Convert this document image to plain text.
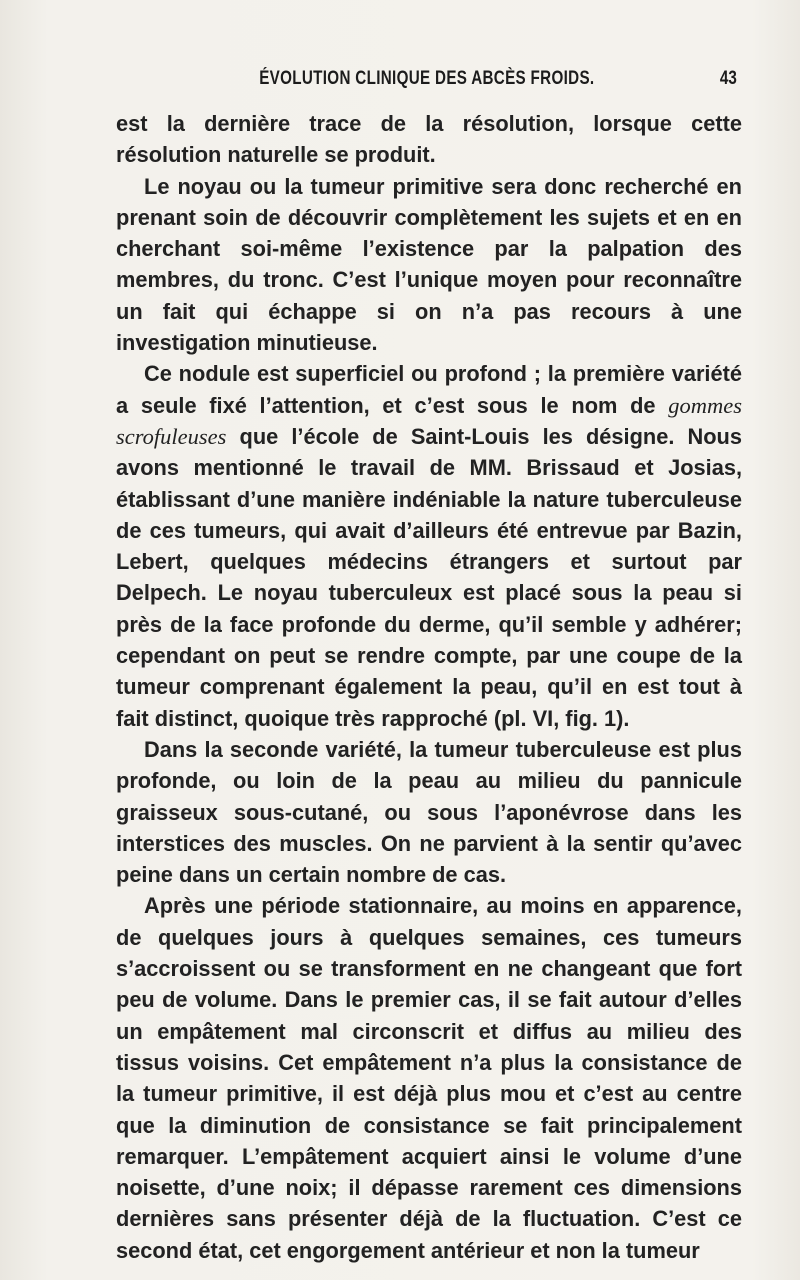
ÉVOLUTION CLINIQUE DES ABCÈS FROIDS.	43

est la dernière trace de la résolution, lorsque cette résolution naturelle se produit.

Le noyau ou la tumeur primitive sera donc recherché en prenant soin de découvrir complètement les sujets et en en cherchant soi-même l’existence par la palpation des membres, du tronc. C’est l’unique moyen pour reconnaître un fait qui échappe si on n’a pas recours à une investigation minutieuse.

Ce nodule est superficiel ou profond ; la première variété a seule fixé l’attention, et c’est sous le nom de gommes scrofuleuses que l’école de Saint-Louis les désigne. Nous avons mentionné le travail de MM. Brissaud et Josias, établissant d’une manière indéniable la nature tuberculeuse de ces tumeurs, qui avait d’ailleurs été entrevue par Bazin, Lebert, quelques médecins étrangers et surtout par Delpech. Le noyau tuberculeux est placé sous la peau si près de la face profonde du derme, qu’il semble y adhérer; cependant on peut se rendre compte, par une coupe de la tumeur comprenant également la peau, qu’il en est tout à fait distinct, quoique très rapproché (pl. VI, fig. 1).

Dans la seconde variété, la tumeur tuberculeuse est plus profonde, ou loin de la peau au milieu du pannicule graisseux sous-cutané, ou sous l’aponévrose dans les interstices des muscles. On ne parvient à la sentir qu’avec peine dans un certain nombre de cas.

Après une période stationnaire, au moins en apparence, de quelques jours à quelques semaines, ces tumeurs s’accroissent ou se transforment en ne changeant que fort peu de volume. Dans le premier cas, il se fait autour d’elles un empâtement mal circonscrit et diffus au milieu des tissus voisins. Cet empâtement n’a plus la consistance de la tumeur primitive, il est déjà plus mou et c’est au centre que la diminution de consistance se fait principalement remarquer. L’empâtement acquiert ainsi le volume d’une noisette, d’une noix; il dépasse rarement ces dimensions dernières sans présenter déjà de la fluctuation. C’est ce second état, cet engorgement antérieur et non la tumeur
